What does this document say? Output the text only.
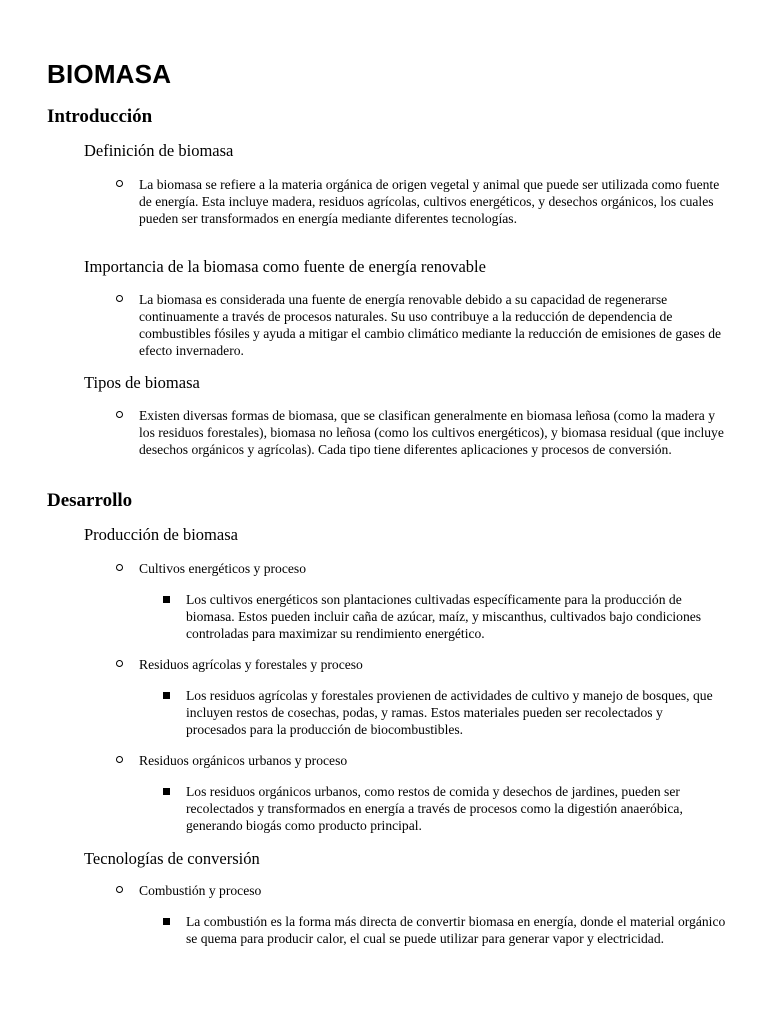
BIOMASA
Introducción
Definición de biomasa

La biomasa se refiere a la materia orgánica de origen vegetal y animal que puede ser utilizada como fuente de energía. Esta incluye madera, residuos agrícolas, cultivos energéticos, y desechos orgánicos, los cuales pueden ser transformados en energía mediante diferentes tecnologías.

Importancia de la biomasa como fuente de energía renovable

La biomasa es considerada una fuente de energía renovable debido a su capacidad de regenerarse continuamente a través de procesos naturales. Su uso contribuye a la reducción de dependencia de combustibles fósiles y ayuda a mitigar el cambio climático mediante la reducción de emisiones de gases de efecto invernadero.

Tipos de biomasa

Existen diversas formas de biomasa, que se clasifican generalmente en biomasa leñosa (como la madera y los residuos forestales), biomasa no leñosa (como los cultivos energéticos), y biomasa residual (que incluye desechos orgánicos y agrícolas). Cada tipo tiene diferentes aplicaciones y procesos de conversión.

Desarrollo
Producción de biomasa

Cultivos energéticos y proceso

Los cultivos energéticos son plantaciones cultivadas específicamente para la producción de biomasa. Estos pueden incluir caña de azúcar, maíz, y miscanthus, cultivados bajo condiciones controladas para maximizar su rendimiento energético.

Residuos agrícolas y forestales y proceso

Los residuos agrícolas y forestales provienen de actividades de cultivo y manejo de bosques, que incluyen restos de cosechas, podas, y ramas. Estos materiales pueden ser recolectados y procesados para la producción de biocombustibles.

Residuos orgánicos urbanos y proceso

Los residuos orgánicos urbanos, como restos de comida y desechos de jardines, pueden ser recolectados y transformados en energía a través de procesos como la digestión anaeróbica, generando biogás como producto principal.

Tecnologías de conversión

Combustión y proceso

La combustión es la forma más directa de convertir biomasa en energía, donde el material orgánico se quema para producir calor, el cual se puede utilizar para generar vapor y electricidad.
